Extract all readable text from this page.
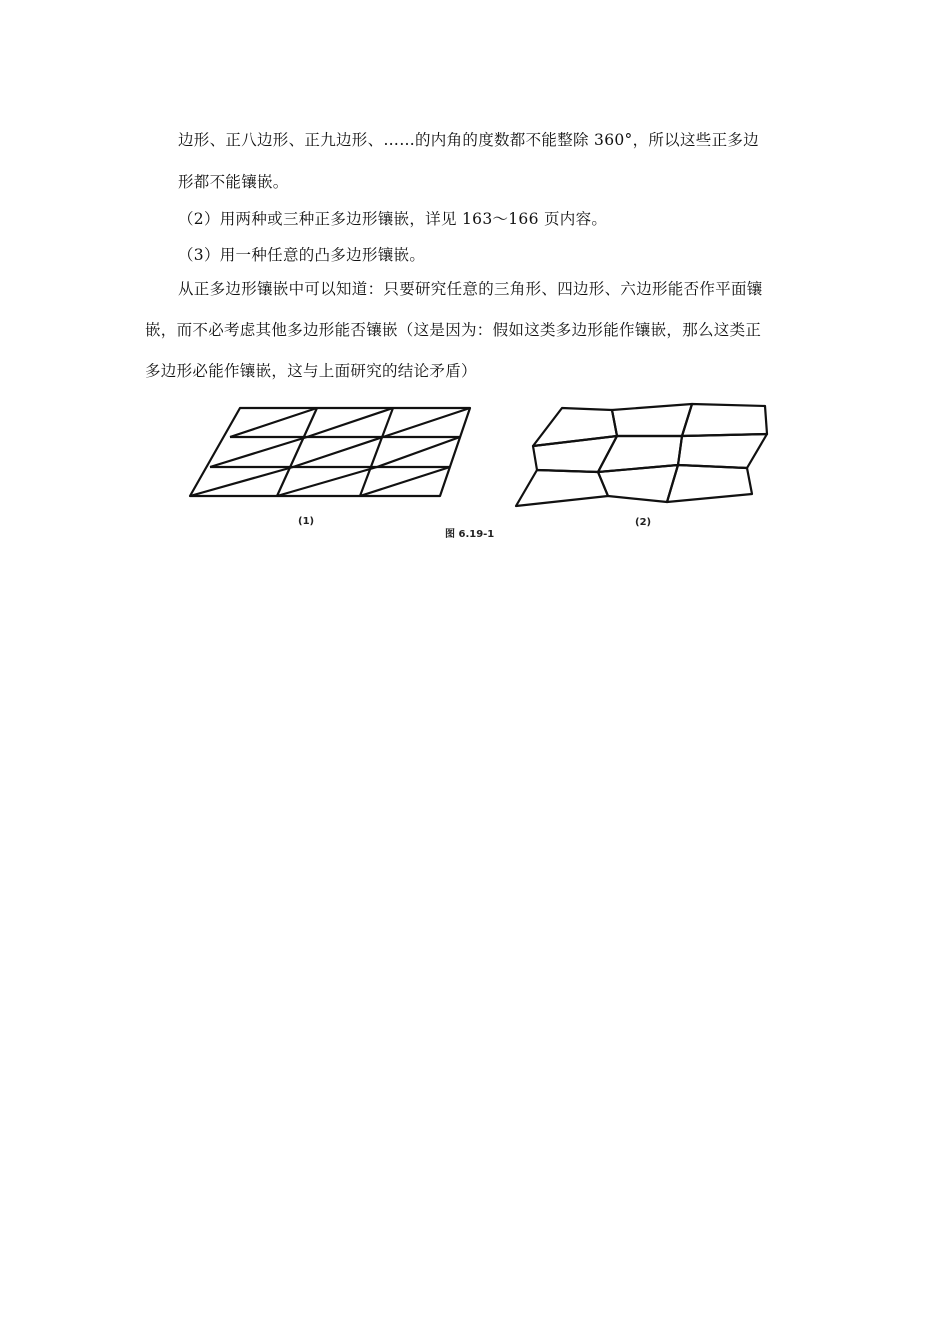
边形、正八边形、正九边形、……的内角的度数都不能整除 360°，所以这些正多边
形都不能镶嵌。
（2）用两种或三种正多边形镶嵌，详见 163～166 页内容。
（3）用一种任意的凸多边形镶嵌。
从正多边形镶嵌中可以知道：只要研究任意的三角形、四边形、六边形能否作平面镶
嵌，而不必考虑其他多边形能否镶嵌（这是因为：假如这类多边形能作镶嵌，那么这类正
多边形必能作镶嵌，这与上面研究的结论矛盾）
(1)	(2)
图 6.19-1
